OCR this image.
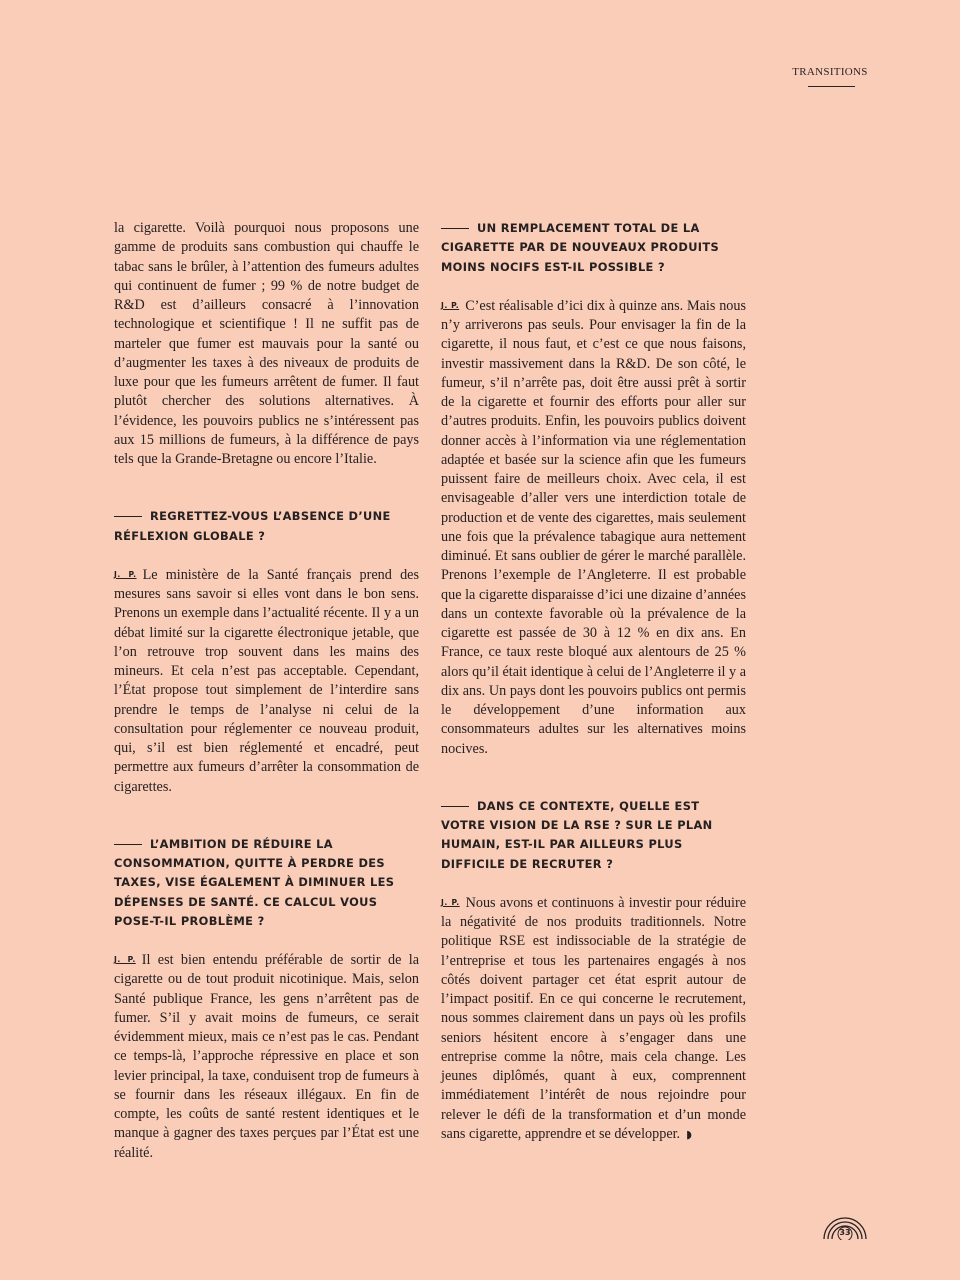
TRANSITIONS

la cigarette. Voilà pourquoi nous proposons une gamme de produits sans combustion qui chauffe le tabac sans le brûler, à l’attention des fumeurs adultes qui continuent de fumer ; 99 % de notre budget de R&D est d’ailleurs consacré à l’innovation technologique et scientifique ! Il ne suffit pas de marteler que fumer est mauvais pour la santé ou d’augmenter les taxes à des niveaux de produits de luxe pour que les fumeurs arrêtent de fumer. Il faut plutôt chercher des solutions alternatives. À l’évidence, les pouvoirs publics ne s’intéressent pas aux 15 millions de fumeurs, à la différence de pays tels que la Grande-Bretagne ou encore l’Italie.

REGRETTEZ-VOUS L’ABSENCE D’UNE RÉFLEXION GLOBALE ?

J. P. Le ministère de la Santé français prend des mesures sans savoir si elles vont dans le bon sens. Prenons un exemple dans l’actualité récente. Il y a un débat limité sur la cigarette électronique jetable, que l’on retrouve trop souvent dans les mains des mineurs. Et cela n’est pas acceptable. Cependant, l’État propose tout simplement de l’interdire sans prendre le temps de l’analyse ni celui de la consultation pour réglementer ce nouveau produit, qui, s’il est bien réglementé et encadré, peut permettre aux fumeurs d’arrêter la consommation de cigarettes.

L’AMBITION DE RÉDUIRE LA CONSOMMATION, QUITTE À PERDRE DES TAXES, VISE ÉGALEMENT À DIMINUER LES DÉPENSES DE SANTÉ. CE CALCUL VOUS POSE-T-IL PROBLÈME ?

J. P. Il est bien entendu préférable de sortir de la cigarette ou de tout produit nicotinique. Mais, selon Santé publique France, les gens n’arrêtent pas de fumer. S’il y avait moins de fumeurs, ce serait évidemment mieux, mais ce n’est pas le cas. Pendant ce temps-là, l’approche répressive en place et son levier principal, la taxe, conduisent trop de fumeurs à se fournir dans les réseaux illégaux. En fin de compte, les coûts de santé restent identiques et le manque à gagner des taxes perçues par l’État est une réalité.

UN REMPLACEMENT TOTAL DE LA CIGARETTE PAR DE NOUVEAUX PRODUITS MOINS NOCIFS EST-IL POSSIBLE ?

J. P. C’est réalisable d’ici dix à quinze ans. Mais nous n’y arriverons pas seuls. Pour envisager la fin de la cigarette, il nous faut, et c’est ce que nous faisons, investir massivement dans la R&D. De son côté, le fumeur, s’il n’arrête pas, doit être aussi prêt à sortir de la cigarette et fournir des efforts pour aller sur d’autres produits. Enfin, les pouvoirs publics doivent donner accès à l’information via une réglementation adaptée et basée sur la science afin que les fumeurs puissent faire de meilleurs choix. Avec cela, il est envisageable d’aller vers une interdiction totale de production et de vente des cigarettes, mais seulement une fois que la prévalence tabagique aura nettement diminué. Et sans oublier de gérer le marché parallèle. Prenons l’exemple de l’Angleterre. Il est probable que la cigarette disparaisse d’ici une dizaine d’années dans un contexte favorable où la prévalence de la cigarette est passée de 30 à 12 % en dix ans. En France, ce taux reste bloqué aux alentours de 25 % alors qu’il était identique à celui de l’Angleterre il y a dix ans. Un pays dont les pouvoirs publics ont permis le développement d’une information aux consommateurs adultes sur les alternatives moins nocives.

DANS CE CONTEXTE, QUELLE EST VOTRE VISION DE LA RSE ? SUR LE PLAN HUMAIN, EST-IL PAR AILLEURS PLUS DIFFICILE DE RECRUTER ?

J. P. Nous avons et continuons à investir pour réduire la négativité de nos produits traditionnels. Notre politique RSE est indissociable de la stratégie de l’entreprise et tous les partenaires engagés à nos côtés doivent partager cet état esprit autour de l’impact positif. En ce qui concerne le recrutement, nous sommes clairement dans un pays où les profils seniors hésitent encore à s’engager dans une entreprise comme la nôtre, mais cela change. Les jeunes diplômés, quant à eux, comprennent immédiatement l’intérêt de nous rejoindre pour relever le défi de la transformation et d’un monde sans cigarette, apprendre et se développer. ◗

33
